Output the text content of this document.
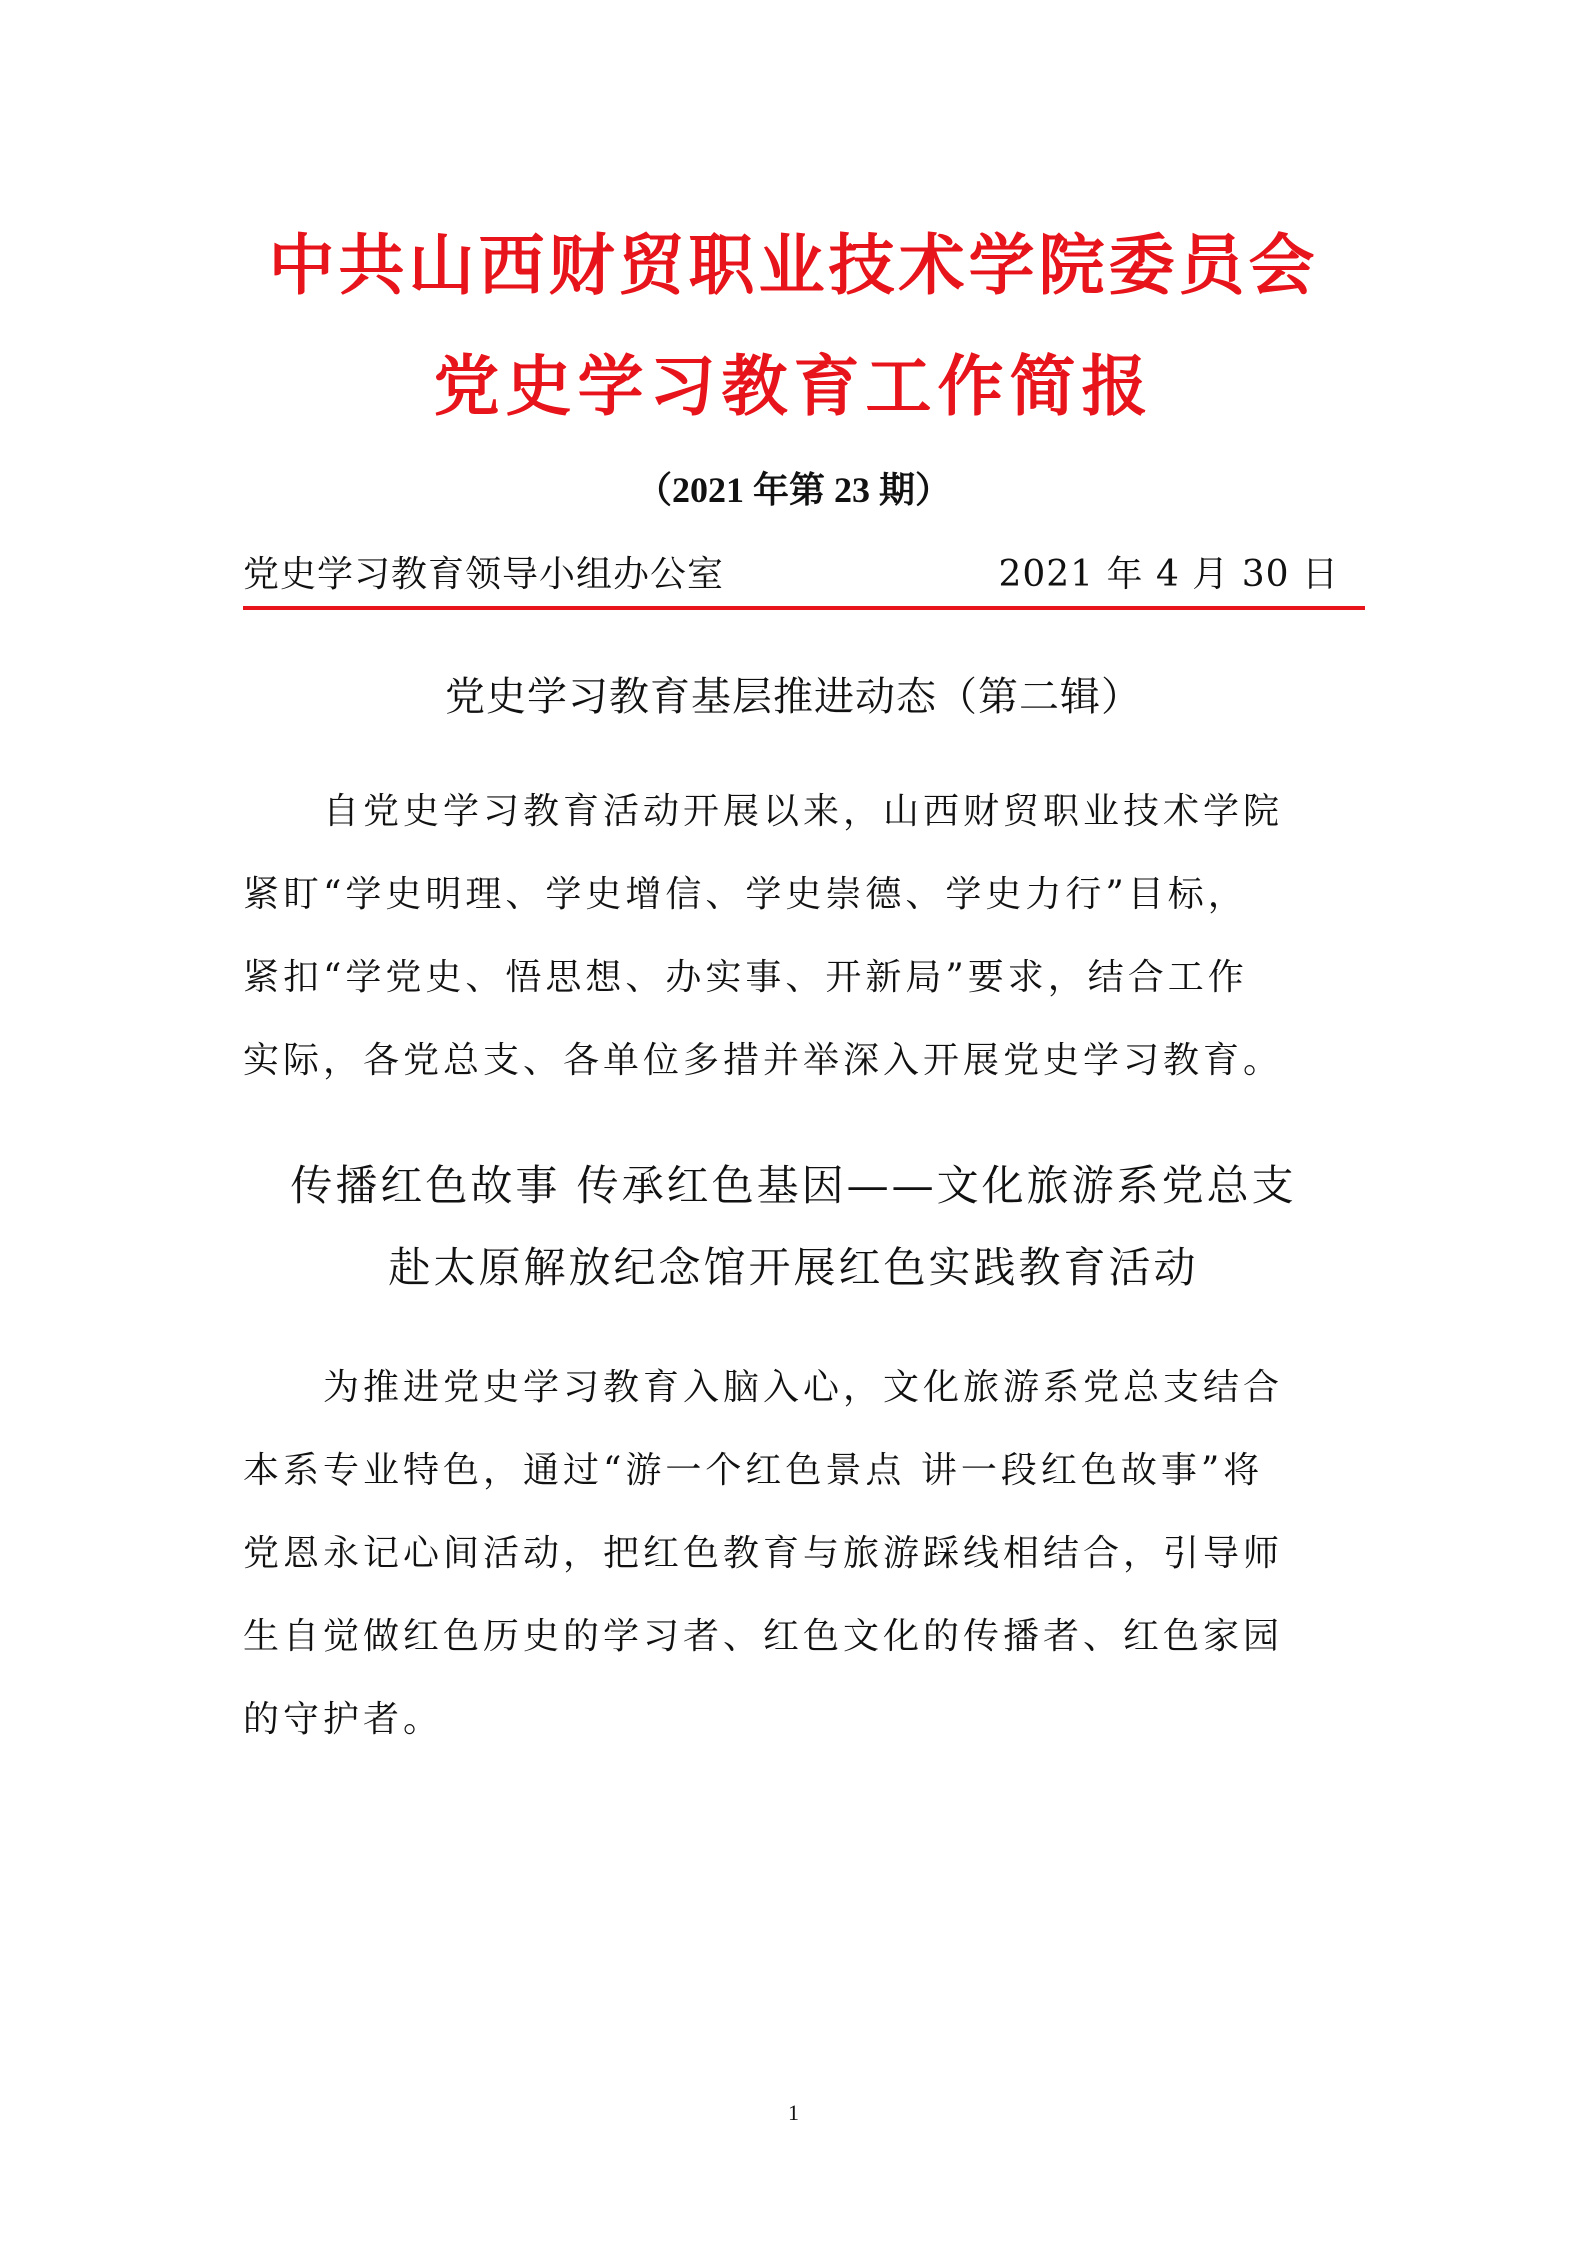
中共山西财贸职业技术学院委员会
党史学习教育工作简报
（2021 年第 23 期）
党史学习教育领导小组办公室	2021 年 4 月 30 日
党史学习教育基层推进动态（第二辑）
　　自党史学习教育活动开展以来，山西财贸职业技术学院
紧盯“学史明理、学史增信、学史崇德、学史力行”目标，
紧扣“学党史、悟思想、办实事、开新局”要求，结合工作
实际，各党总支、各单位多措并举深入开展党史学习教育。
传播红色故事 传承红色基因——文化旅游系党总支
赴太原解放纪念馆开展红色实践教育活动
　　为推进党史学习教育入脑入心，文化旅游系党总支结合
本系专业特色，通过“游一个红色景点 讲一段红色故事”将
党恩永记心间活动，把红色教育与旅游踩线相结合，引导师
生自觉做红色历史的学习者、红色文化的传播者、红色家园
的守护者。
1
